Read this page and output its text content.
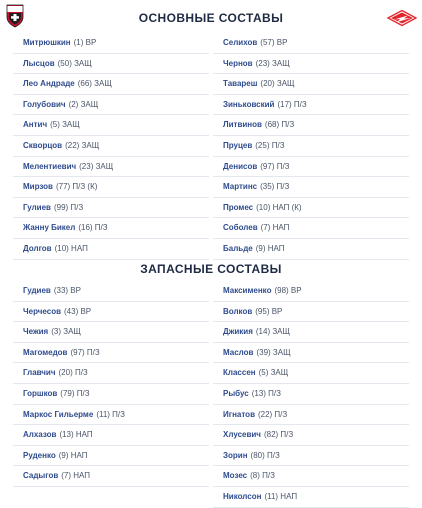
ОСНОВНЫЕ СОСТАВЫ
Митрюшкин (1) ВР
Лысцов (50) ЗАЩ
Лео Андраде (66) ЗАЩ
Голубович (2) ЗАЩ
Антич (5) ЗАЩ
Скворцов (22) ЗАЩ
Мелентиевич (23) ЗАЩ
Мирзов (77) П/З (К)
Гулиев (99) П/З
Жанну Бикел (16) П/З
Долгов (10) НАП
Селихов (57) ВР
Чернов (23) ЗАЩ
Тавареш (20) ЗАЩ
Зиньковский (17) П/З
Литвинов (68) П/З
Пруцев (25) П/З
Денисов (97) П/З
Мартинс (35) П/З
Промес (10) НАП (К)
Соболев (7) НАП
Бальде (9) НАП
ЗАПАСНЫЕ СОСТАВЫ
Гудиев (33) ВР
Черчесов (43) ВР
Чежия (3) ЗАЩ
Магомедов (97) П/З
Главчич (20) П/З
Горшков (79) П/З
Маркос Гильерме (11) П/З
Алхазов (13) НАП
Руденко (9) НАП
Садыгов (7) НАП
Максименко (98) ВР
Волков (95) ВР
Джикия (14) ЗАЩ
Маслов (39) ЗАЩ
Классен (5) ЗАЩ
Рыбус (13) П/З
Игнатов (22) П/З
Хлусевич (82) П/З
Зорин (80) П/З
Мозес (8) П/З
Николсон (11) НАП
